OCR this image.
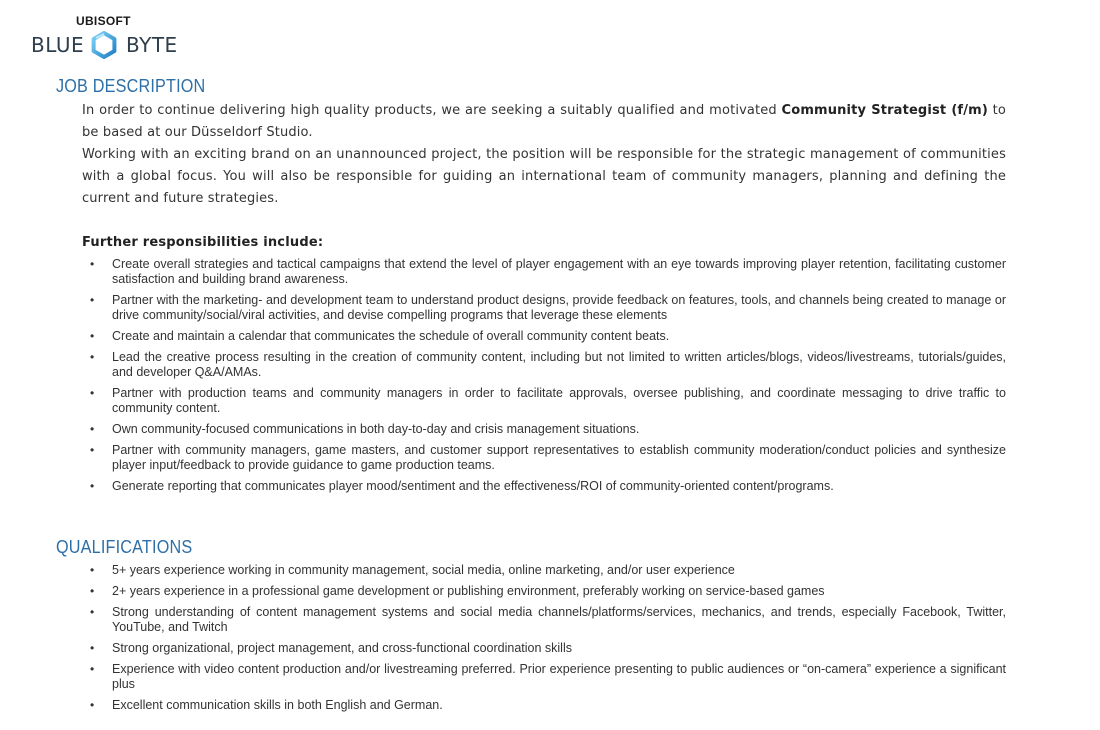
UBISOFT
BLUE BYTE
JOB DESCRIPTION

In order to continue delivering high quality products, we are seeking a suitably qualified and motivated Community Strategist (f/m) to be based at our Düsseldorf Studio.

Working with an exciting brand on an unannounced project, the position will be responsible for the strategic management of communities with a global focus. You will also be responsible for guiding an international team of community managers, planning and defining the current and future strategies.

Further responsibilities include:

• Create overall strategies and tactical campaigns that extend the level of player engagement with an eye towards improving player retention, facilitating customer satisfaction and building brand awareness.
• Partner with the marketing- and development team to understand product designs, provide feedback on features, tools, and channels being created to manage or drive community/social/viral activities, and devise compelling programs that leverage these elements
• Create and maintain a calendar that communicates the schedule of overall community content beats.
• Lead the creative process resulting in the creation of community content, including but not limited to written articles/blogs, videos/livestreams, tutorials/guides, and developer Q&A/AMAs.
• Partner with production teams and community managers in order to facilitate approvals, oversee publishing, and coordinate messaging to drive traffic to community content.
• Own community-focused communications in both day-to-day and crisis management situations.
• Partner with community managers, game masters, and customer support representatives to establish community moderation/conduct policies and synthesize player input/feedback to provide guidance to game production teams.
• Generate reporting that communicates player mood/sentiment and the effectiveness/ROI of community-oriented content/programs.
QUALIFICATIONS
• 5+ years experience working in community management, social media, online marketing, and/or user experience
• 2+ years experience in a professional game development or publishing environment, preferably working on service-based games
• Strong understanding of content management systems and social media channels/platforms/services, mechanics, and trends, especially Facebook, Twitter, YouTube, and Twitch
• Strong organizational, project management, and cross-functional coordination skills
• Experience with video content production and/or livestreaming preferred. Prior experience presenting to public audiences or “on-camera” experience a significant plus
• Excellent communication skills in both English and German.
